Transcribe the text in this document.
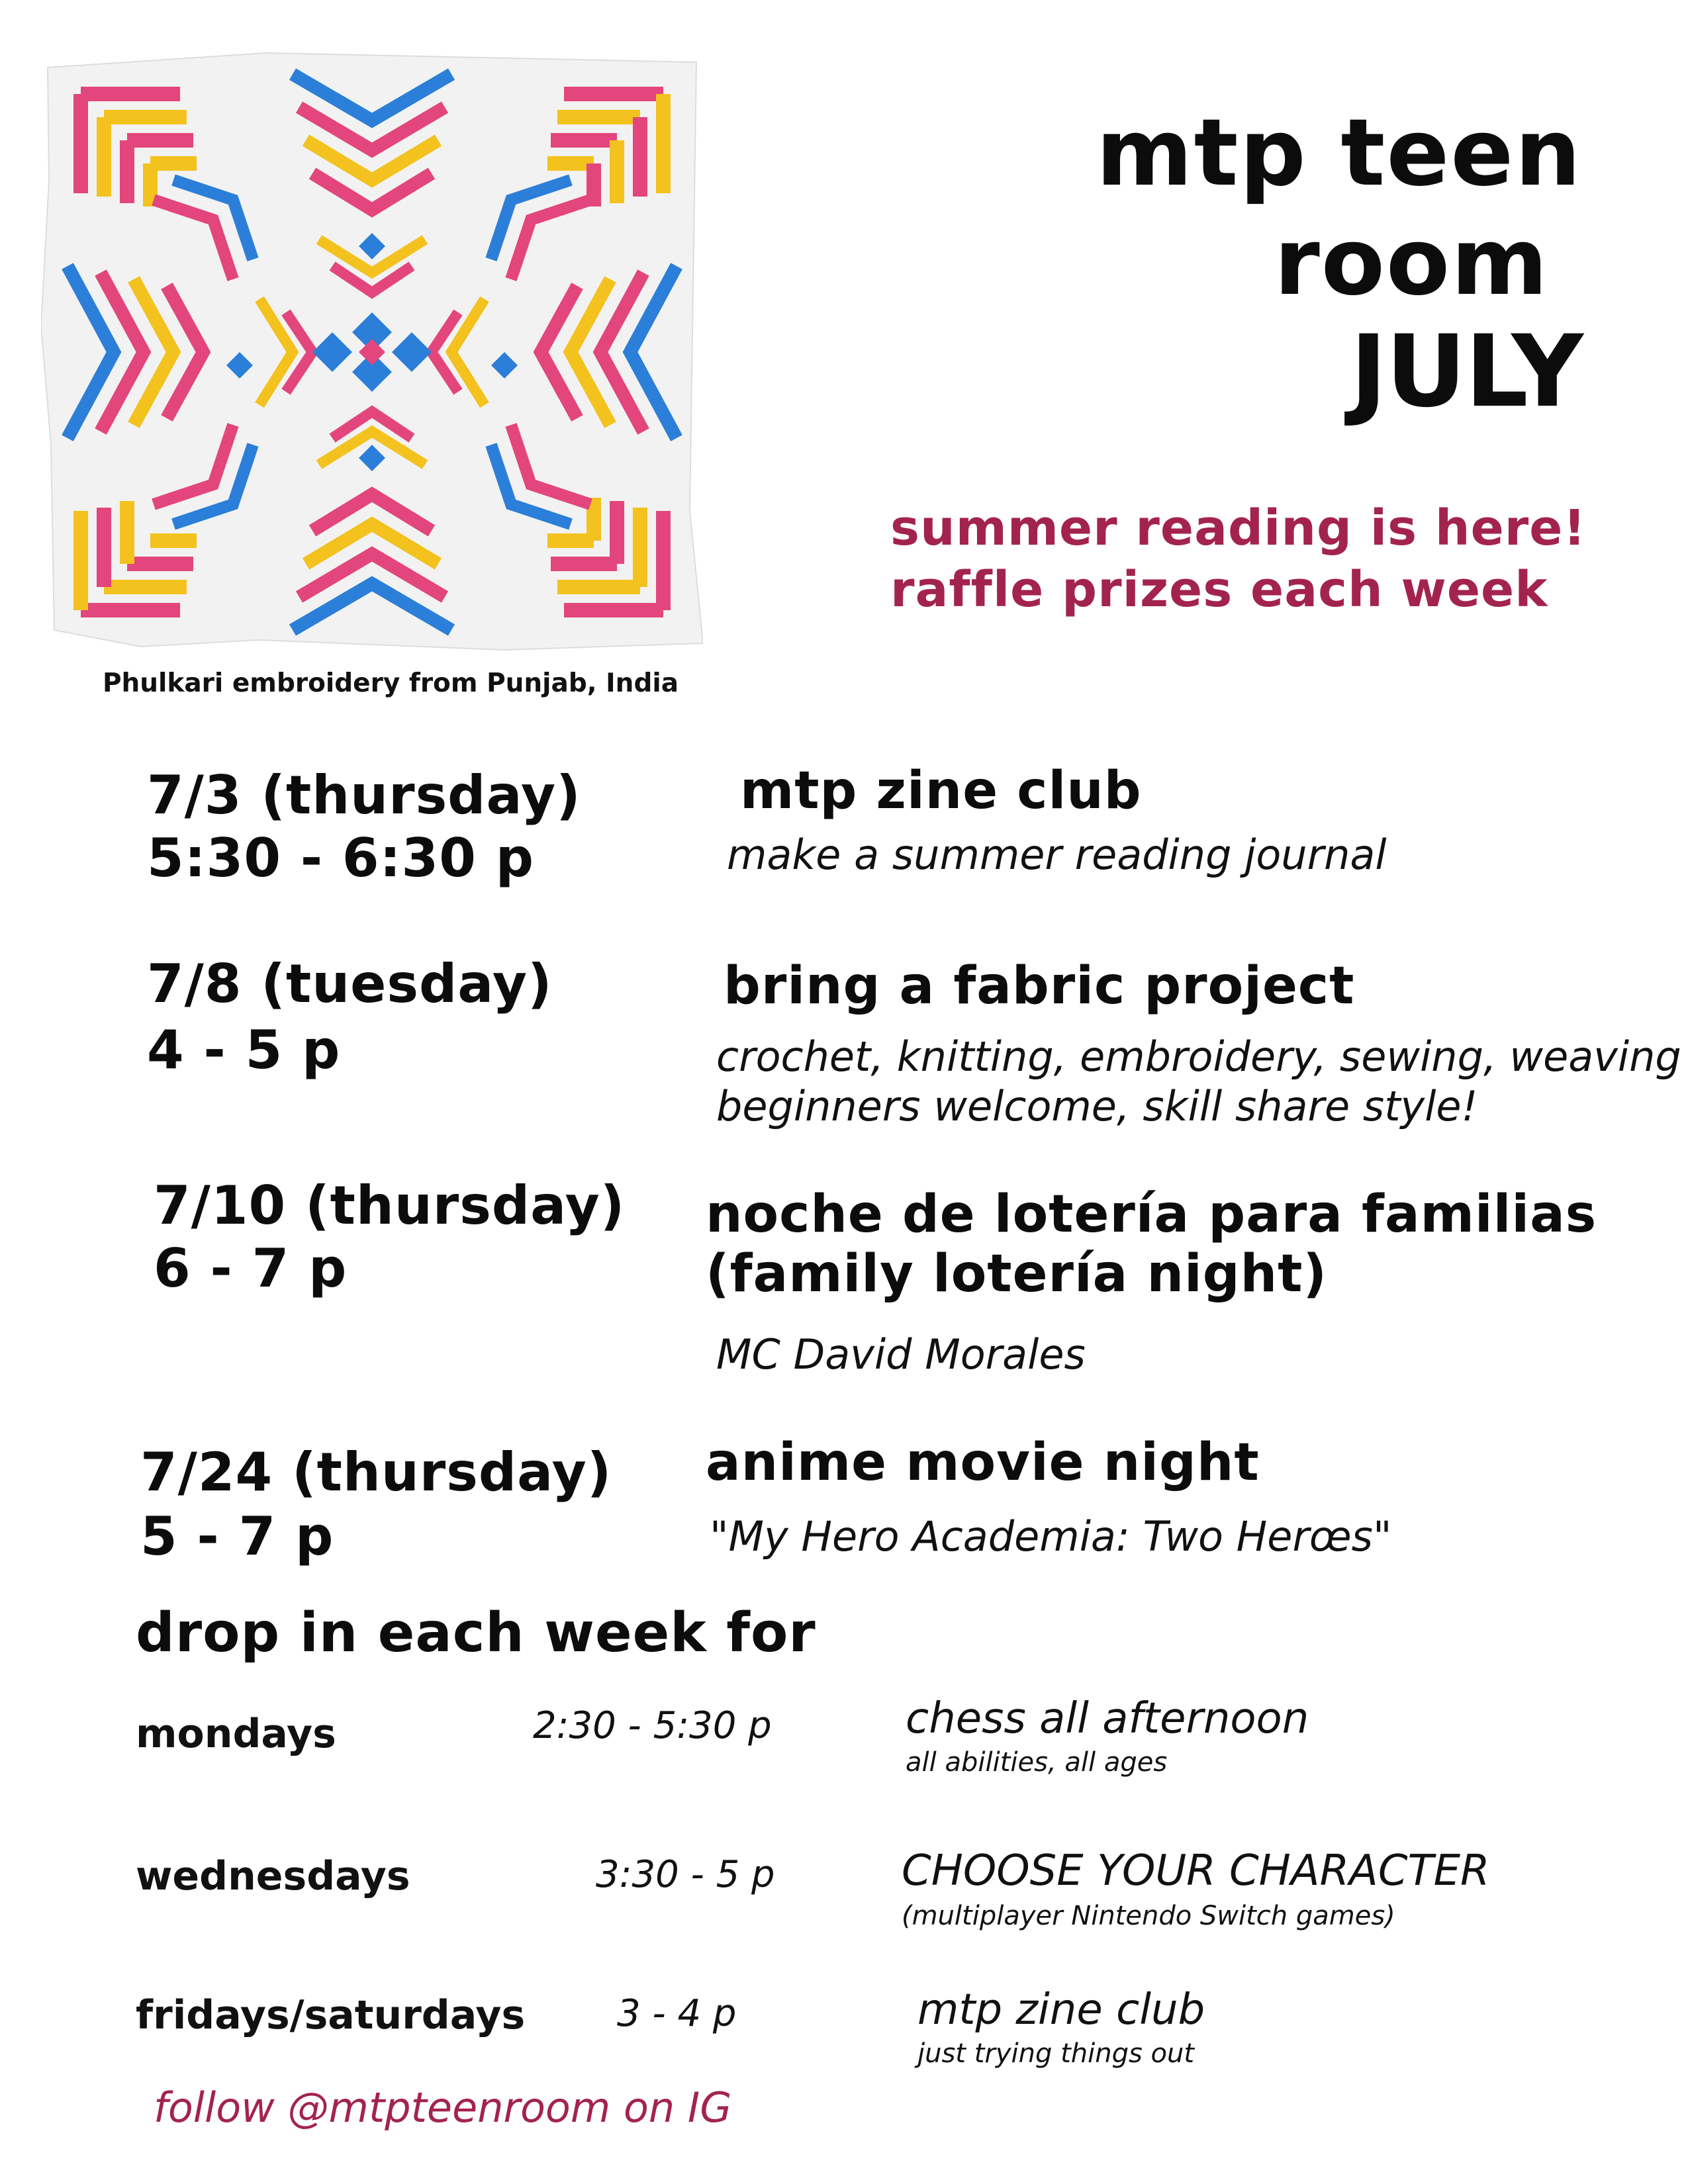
Phulkari embroidery from Punjab, India
mtp teen
room
JULY
summer reading is here!
raffle prizes each week
7/3 (thursday)
5:30 - 6:30 p
mtp zine club
make a summer reading journal
7/8 (tuesday)
4 - 5 p
bring a fabric project
crochet, knitting, embroidery, sewing, weaving
beginners welcome, skill share style!
7/10 (thursday)
6 - 7 p
noche de lotería para familias
(family lotería night)
MC David Morales
7/24 (thursday)
5 - 7 p
anime movie night
"My Hero Academia: Two Herœs"
drop in each week for
mondays	2:30 - 5:30 p	chess all afternoon
all abilities, all ages
wednesdays	3:30 - 5 p	CHOOSE YOUR CHARACTER
(multiplayer Nintendo Switch games)
fridays/saturdays 3 - 4 p	mtp zine club
just trying things out
follow @mtpteenroom on IG
